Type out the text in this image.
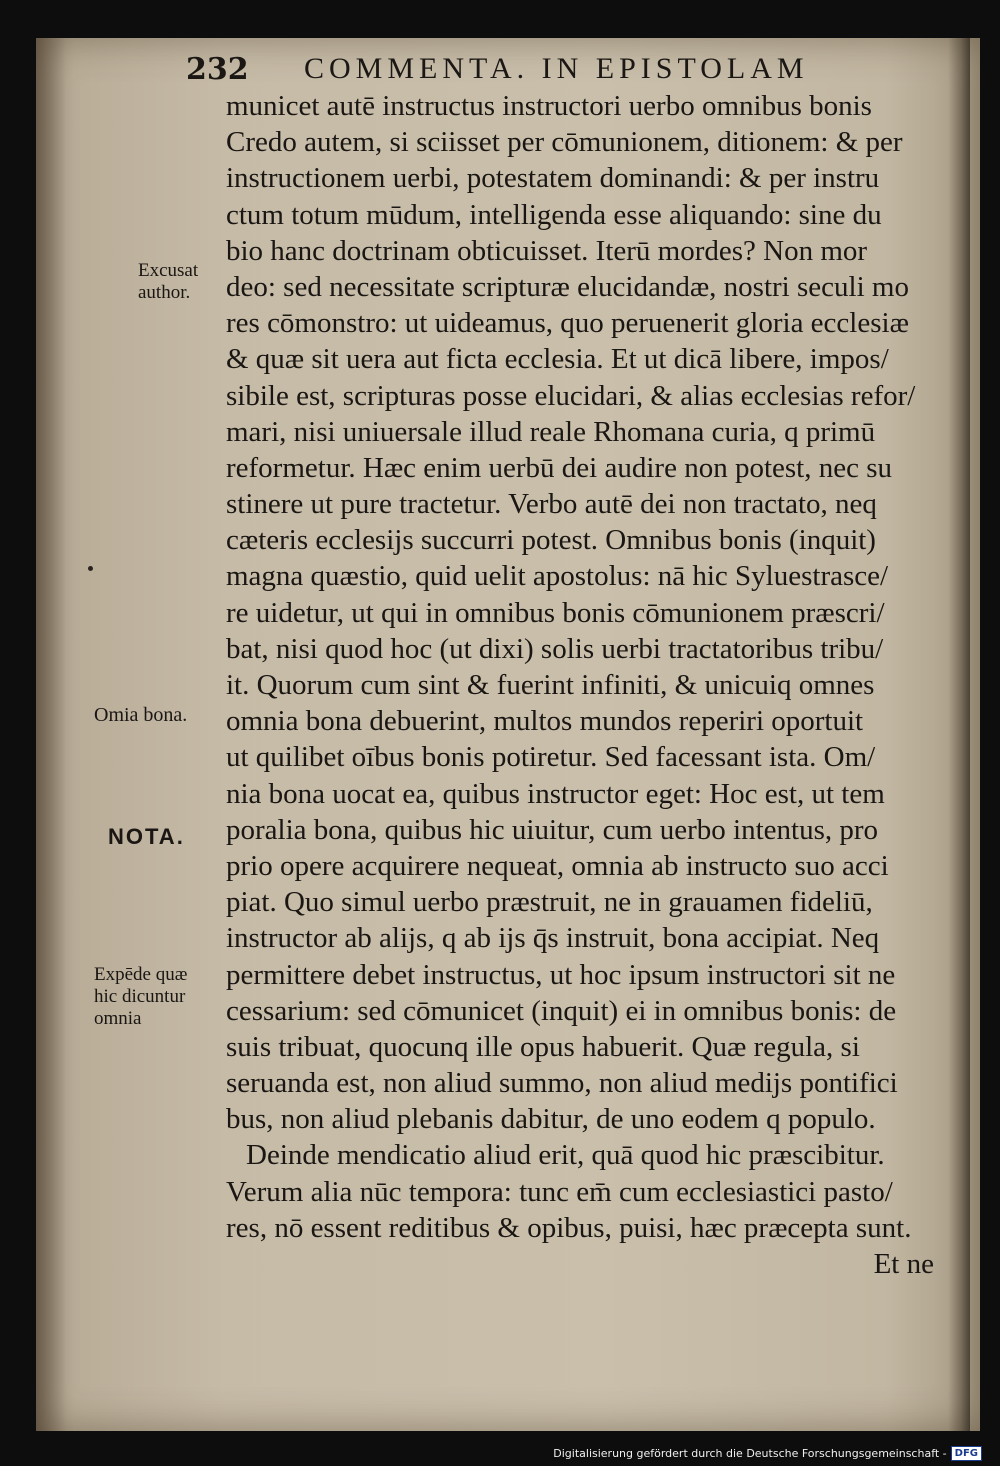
232 COMMENTA. IN EPISTOLAM
municet autē instructus instructori uerbo omnibus bonis
Credo autem, si sciisset per cōmunionem, ditionem: & per
instructionem uerbi, potestatem dominandi: & per instru
ctum totum mūdum, intelligenda esse aliquando: sine du
bio hanc doctrinam obticuisset. Iterū mordes? Non mor
deo: sed necessitate scripturæ elucidandæ, nostri seculi mo
res cōmonstro: ut uideamus, quo peruenerit gloria ecclesiæ
& quæ sit uera aut ficta ecclesia. Et ut dicā libere, impos/
sibile est, scripturas posse elucidari, & alias ecclesias refor/
mari, nisi uniuersale illud reale Rhomana curia, q primū
reformetur. Hæc enim uerbū dei audire non potest, nec su
stinere ut pure tractetur. Verbo autē dei non tractato, neq
cæteris ecclesijs succurri potest. Omnibus bonis (inquit)
magna quæstio, quid uelit apostolus: nā hic Syluestrasce/
re uidetur, ut qui in omnibus bonis cōmunionem præscri/
bat, nisi quod hoc (ut dixi) solis uerbi tractatoribus tribu/
it. Quorum cum sint & fuerint infiniti, & unicuiq omnes
omnia bona debuerint, multos mundos reperiri oportuit
ut quilibet oībus bonis potiretur. Sed facessant ista. Om/
nia bona uocat ea, quibus instructor eget: Hoc est, ut tem
poralia bona, quibus hic uiuitur, cum uerbo intentus, pro
prio opere acquirere nequeat, omnia ab instructo suo acci
piat. Quo simul uerbo præstruit, ne in grauamen fideliū,
instructor ab alijs, q ab ijs q̄s instruit, bona accipiat. Neq
permittere debet instructus, ut hoc ipsum instructori sit ne
cessarium: sed cōmunicet (inquit) ei in omnibus bonis: de
suis tribuat, quocunq ille opus habuerit. Quæ regula, si
seruanda est, non aliud summo, non aliud medijs pontifici
bus, non aliud plebanis dabitur, de uno eodem q populo.
Deinde mendicatio aliud erit, quā quod hic præscibitur.
Verum alia nūc tempora: tunc em̄ cum ecclesiastici pasto/
res, nō essent reditibus & opibus, puisi, hæc præcepta sunt.
Et ne
Excusat
author.
Omia bona.
NOTA.
Expēde quæ
hic dicuntur
omnia
Digitalisierung gefördert durch die Deutsche Forschungsgemeinschaft - DFG
